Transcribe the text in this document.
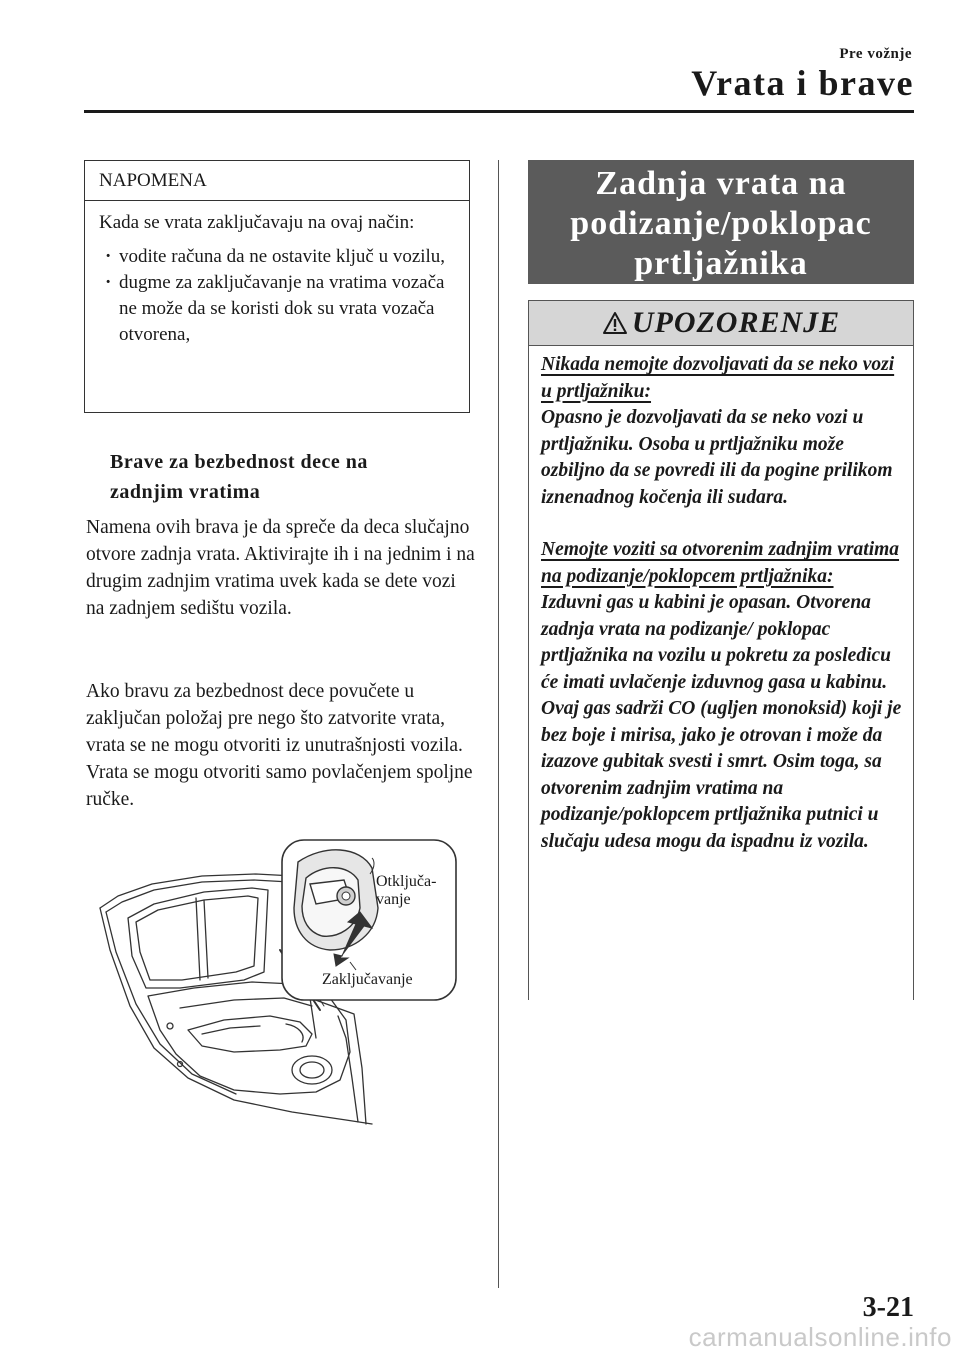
Pre vožnje
Vrata i brave
NAPOMENA
Kada se vrata zaključavaju na ovaj način:
· vodite računa da ne ostavite ključ u vozilu,
· dugme za zaključavanje na vratima vozača ne može da se koristi dok su vrata vozača otvorena,
Brave za bezbednost dece na
zadnjim vratima

Namena ovih brava je da spreče da deca slučajno otvore zadnja vrata. Aktivirajte ih i na jednim i na drugim zadnjim vratima uvek kada se dete vozi na zadnjem sedištu vozila.

Ako bravu za bezbednost dece povučete u zaključan položaj pre nego što zatvorite vrata, vrata se ne mogu otvoriti iz unutrašnjosti vozila. Vrata se mogu otvoriti samo povlačenjem spoljne ručke.

Otključa-
vanje
Zaključavanje
Zadnja vrata na
podizanje/poklopac
prtljažnika
UPOZORENJE

Nikada nemojte dozvoljavati da se neko vozi u prtljažniku:

Opasno je dozvoljavati da se neko vozi u prtljažniku. Osoba u prtljažniku može ozbiljno da se povredi ili da pogine prilikom iznenadnog kočenja ili sudara.

Nemojte voziti sa otvorenim zadnjim vratima na podizanje/poklopcem prtljažnika:

Izduvni gas u kabini je opasan. Otvorena zadnja vrata na podizanje/ poklopac prtljažnika na vozilu u pokretu za posledicu će imati uvlačenje izduvnog gasa u kabinu. Ovaj gas sadrži CO (ugljen monoksid) koji je bez boje i mirisa, jako je otrovan i može da izazove gubitak svesti i smrt. Osim toga, sa otvorenim zadnjim vratima na podizanje/poklopcem prtljažnika putnici u slučaju udesa mogu da ispadnu iz vozila.

3-21
carmanualsonline.info
